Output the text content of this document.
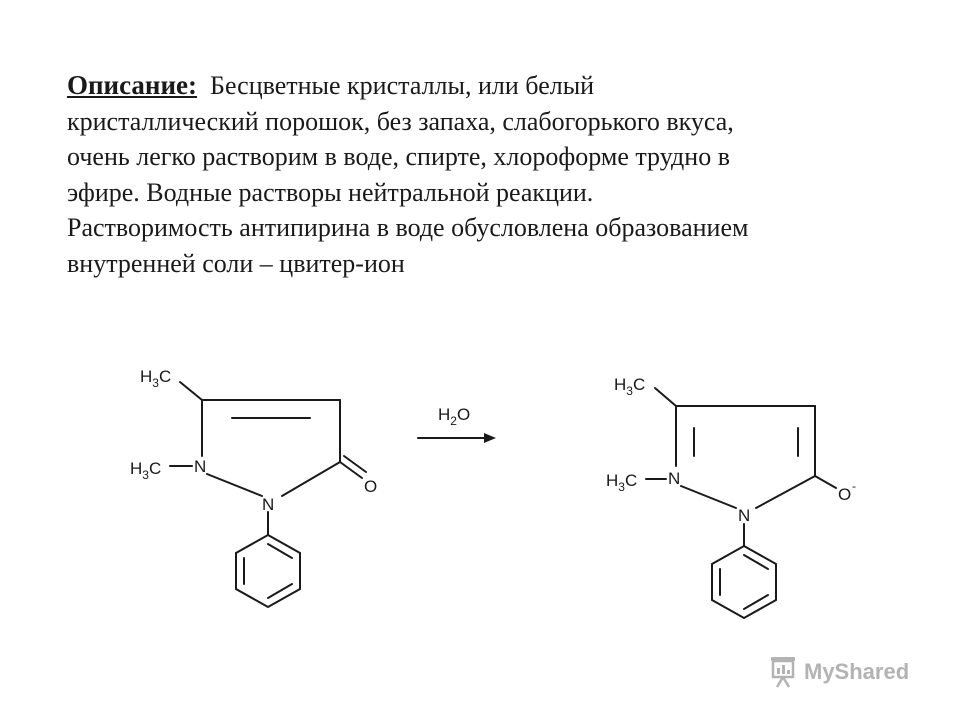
Описание: Бесцветные кристаллы, или белый
кристаллический порошок, без запаха, слабогорького вкуса,
очень легко растворим в воде, спирте, хлороформе трудно в
эфире. Водные растворы нейтральной реакции.
Растворимость антипирина в воде обусловлена образованием
внутренней соли – цвитер-ион
$H_3C$
O
$H_3C$ N
N
$H_2O$
$H_3C$
O -
$H_3C$ N
N
MyShared
